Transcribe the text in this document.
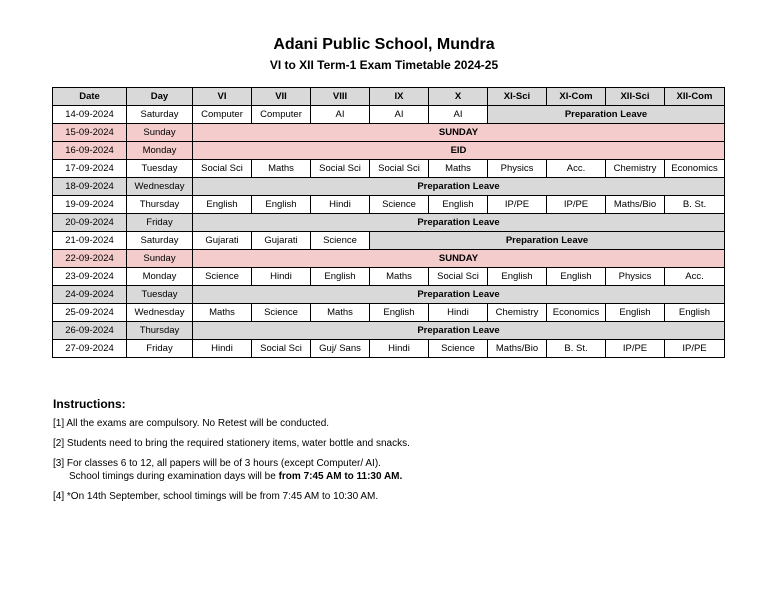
Adani Public School, Mundra
VI to XII Term-1 Exam Timetable 2024-25
Date	Day	VI	VII	VIII	IX	X	XI-Sci	XI-Com	XII-Sci	XII-Com
14-09-2024	Saturday	Computer	Computer	AI	AI	AI	Preparation Leave			
15-09-2024	Sunday	SUNDAY								
16-09-2024	Monday	EID								
17-09-2024	Tuesday	Social Sci	Maths	Social Sci	Social Sci	Maths	Physics	Acc.	Chemistry	Economics
18-09-2024	Wednesday	Preparation Leave								
19-09-2024	Thursday	English	English	Hindi	Science	English	IP/PE	IP/PE	Maths/Bio	B. St.
20-09-2024	Friday	Preparation Leave								
21-09-2024	Saturday	Gujarati	Gujarati	Science	Preparation Leave					
22-09-2024	Sunday	SUNDAY								
23-09-2024	Monday	Science	Hindi	English	Maths	Social Sci	English	English	Physics	Acc.
24-09-2024	Tuesday	Preparation Leave								
25-09-2024	Wednesday	Maths	Science	Maths	English	Hindi	Chemistry	Economics	English	English
26-09-2024	Thursday	Preparation Leave								
27-09-2024	Friday	Hindi	Social Sci	Guj/ Sans	Hindi	Science	Maths/Bio	B. St.	IP/PE	IP/PE
Instructions:
[1] All the exams are compulsory. No Retest will be conducted.
[2] Students need to bring the required stationery items, water bottle and snacks.
[3] For classes 6 to 12, all papers will be of 3 hours (except Computer/ AI).
School timings during examination days will be from 7:45 AM to 11:30 AM.
[4] *On 14th September, school timings will be from 7:45 AM to 10:30 AM.
